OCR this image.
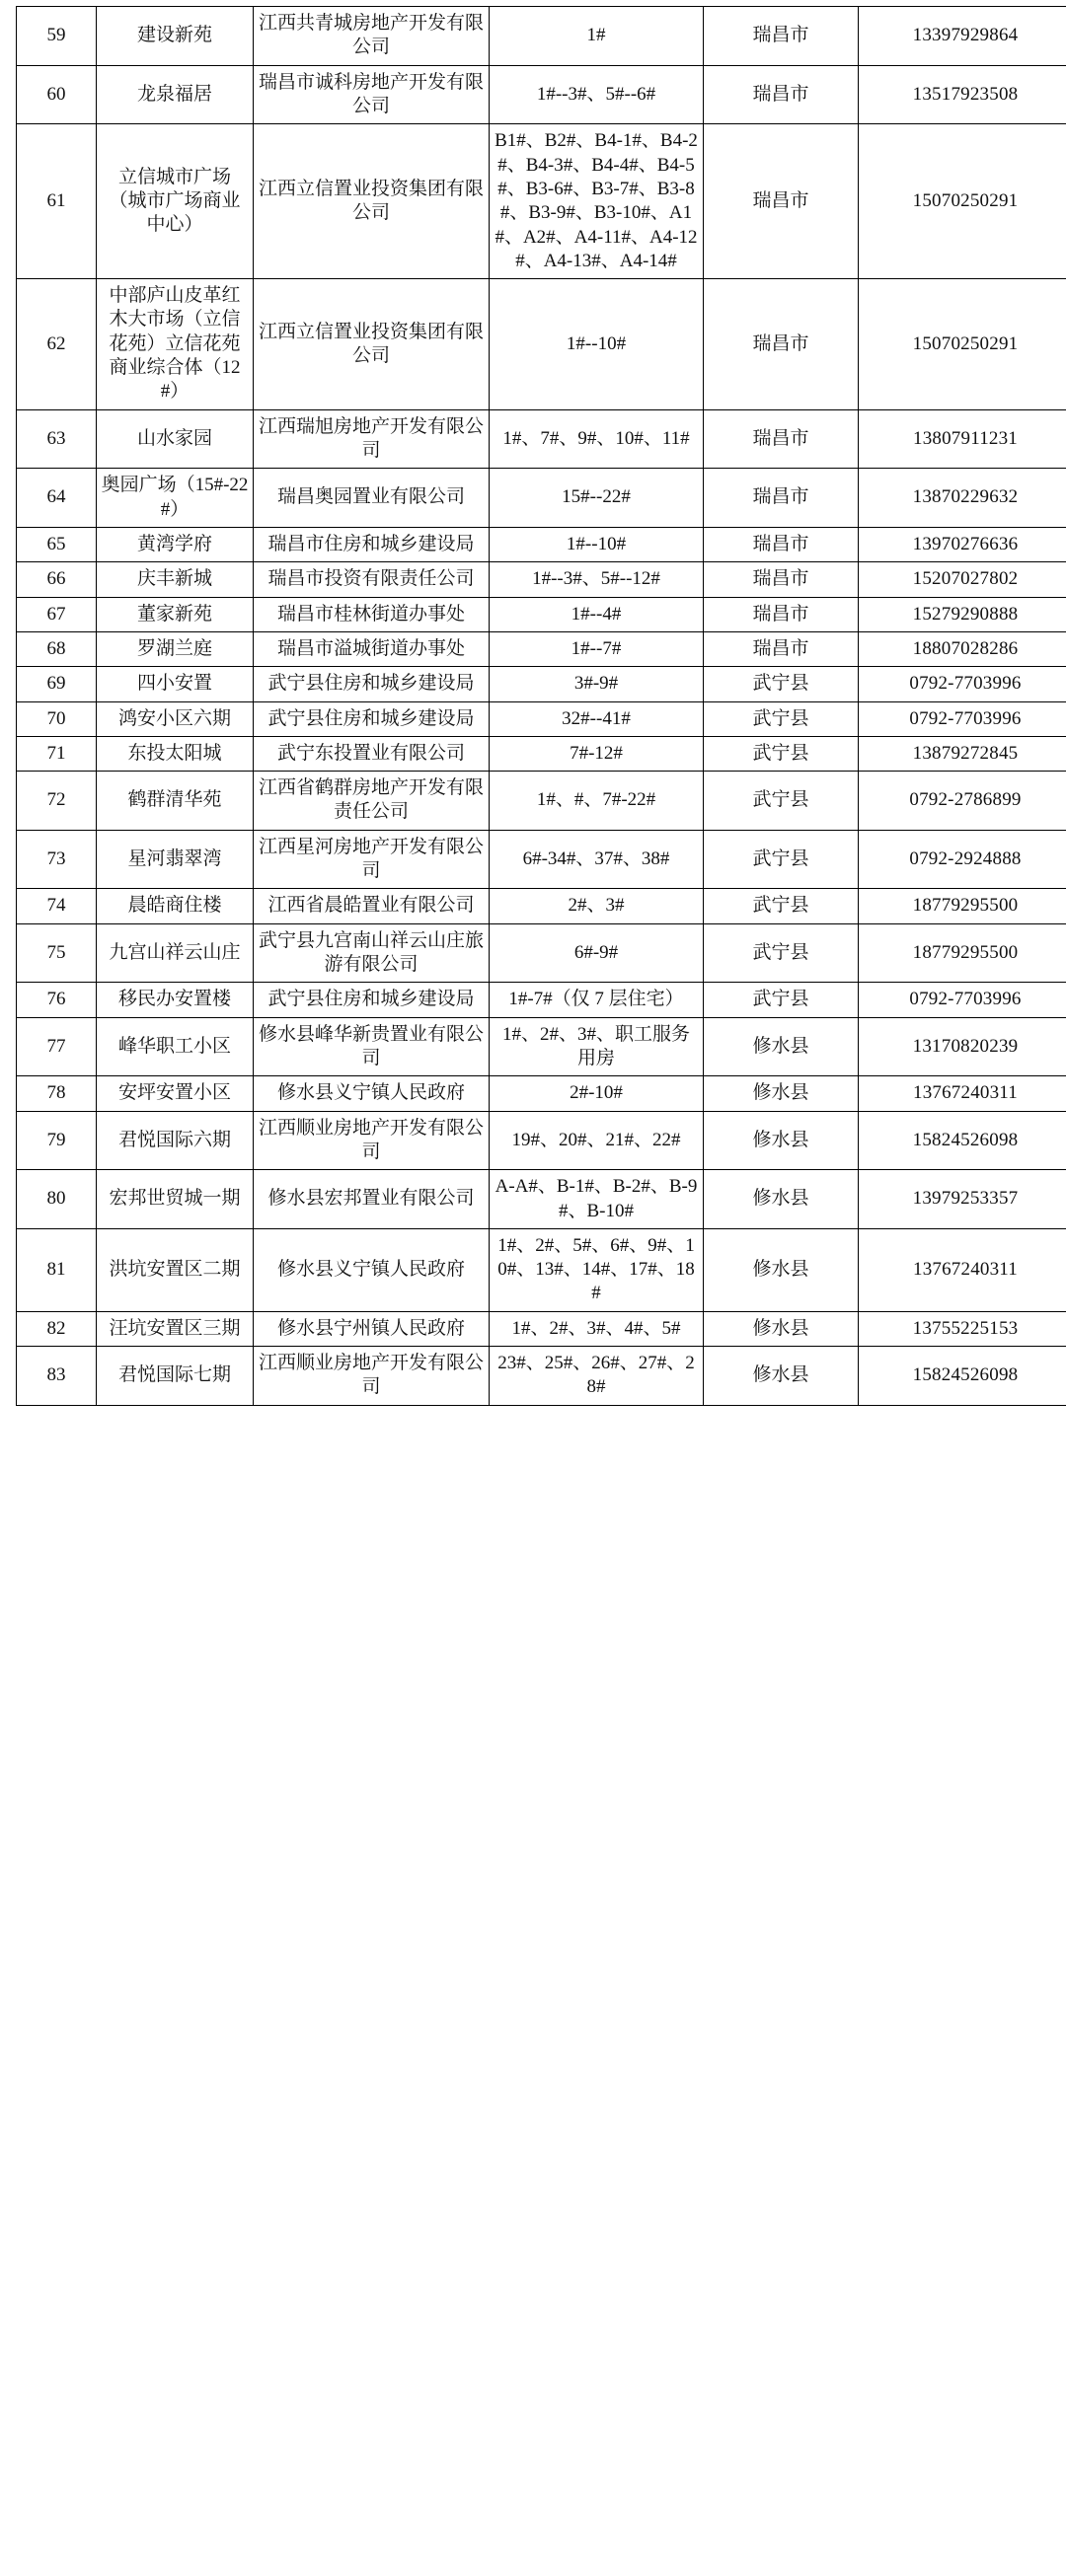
59	建设新苑	江西共青城房地产开发有限公司	1#	瑞昌市	13397929864
60	龙泉福居	瑞昌市诚科房地产开发有限公司	1#--3#、5#--6#	瑞昌市	13517923508
61	立信城市广场（城市广场商业中心）	江西立信置业投资集团有限公司	B1#、B2#、B4-1#、B4-2#、B4-3#、B4-4#、B4-5#、B3-6#、B3-7#、B3-8#、B3-9#、B3-10#、A1#、A2#、A4-11#、A4-12#、A4-13#、A4-14#	瑞昌市	15070250291
62	中部庐山皮革红木大市场（立信花苑）立信花苑商业综合体（12#）	江西立信置业投资集团有限公司	1#--10#	瑞昌市	15070250291
63	山水家园	江西瑞旭房地产开发有限公司	1#、7#、9#、10#、11#	瑞昌市	13807911231
64	奥园广场（15#-22#）	瑞昌奥园置业有限公司	15#--22#	瑞昌市	13870229632
65	黄湾学府	瑞昌市住房和城乡建设局	1#--10#	瑞昌市	13970276636
66	庆丰新城	瑞昌市投资有限责任公司	1#--3#、5#--12#	瑞昌市	15207027802
67	董家新苑	瑞昌市桂林街道办事处	1#--4#	瑞昌市	15279290888
68	罗湖兰庭	瑞昌市溢城街道办事处	1#--7#	瑞昌市	18807028286
69	四小安置	武宁县住房和城乡建设局	3#-9#	武宁县	0792-7703996
70	鸿安小区六期	武宁县住房和城乡建设局	32#--41#	武宁县	0792-7703996
71	东投太阳城	武宁东投置业有限公司	7#-12#	武宁县	13879272845
72	鹤群清华苑	江西省鹤群房地产开发有限责任公司	1#、#、7#-22#	武宁县	0792-2786899
73	星河翡翠湾	江西星河房地产开发有限公司	6#-34#、37#、38#	武宁县	0792-2924888
74	晨皓商住楼	江西省晨皓置业有限公司	2#、3#	武宁县	18779295500
75	九宫山祥云山庄	武宁县九宫南山祥云山庄旅游有限公司	6#-9#	武宁县	18779295500
76	移民办安置楼	武宁县住房和城乡建设局	1#-7#（仅 7 层住宅）	武宁县	0792-7703996
77	峰华职工小区	修水县峰华新贵置业有限公司	1#、2#、3#、职工服务用房	修水县	13170820239
78	安坪安置小区	修水县义宁镇人民政府	2#-10#	修水县	13767240311
79	君悦国际六期	江西顺业房地产开发有限公司	19#、20#、21#、22#	修水县	15824526098
80	宏邦世贸城一期	修水县宏邦置业有限公司	A-A#、B-1#、B-2#、B-9#、B-10#	修水县	13979253357
81	洪坑安置区二期	修水县义宁镇人民政府	1#、2#、5#、6#、9#、10#、13#、14#、17#、18#	修水县	13767240311
82	汪坑安置区三期	修水县宁州镇人民政府	1#、2#、3#、4#、5#	修水县	13755225153
83	君悦国际七期	江西顺业房地产开发有限公司	23#、25#、26#、27#、28#	修水县	15824526098
